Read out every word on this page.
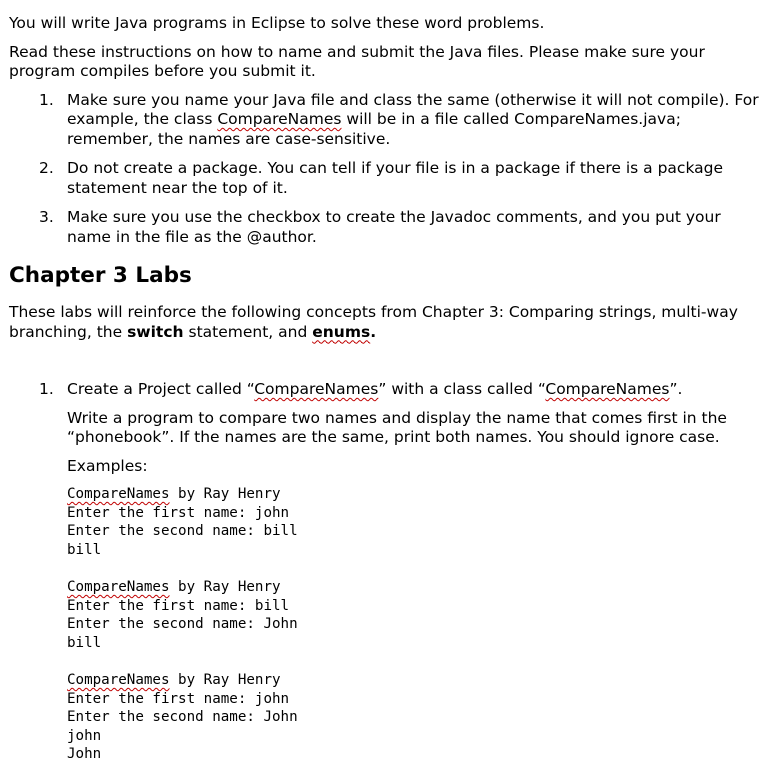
You will write Java programs in Eclipse to solve these word problems.

Read these instructions on how to name and submit the Java files. Please make sure your program compiles before you submit it.

1. Make sure you name your Java file and class the same (otherwise it will not compile). For example, the class CompareNames will be in a file called CompareNames.java; remember, the names are case-sensitive.
2. Do not create a package. You can tell if your file is in a package if there is a package statement near the top of it.
3. Make sure you use the checkbox to create the Javadoc comments, and you put your name in the file as the @author.
Chapter 3 Labs

These labs will reinforce the following concepts from Chapter 3: Comparing strings, multi-way branching, the switch statement, and enums.

1. Create a Project called “CompareNames” with a class called “CompareNames”.

Write a program to compare two names and display the name that comes first in the “phonebook”. If the names are the same, print both names. You should ignore case.

Examples:
CompareNames by Ray Henry
Enter the first name: john
Enter the second name: bill
bill
CompareNames by Ray Henry
Enter the first name: bill
Enter the second name: John
bill
CompareNames by Ray Henry
Enter the first name: john
Enter the second name: John
john
John
